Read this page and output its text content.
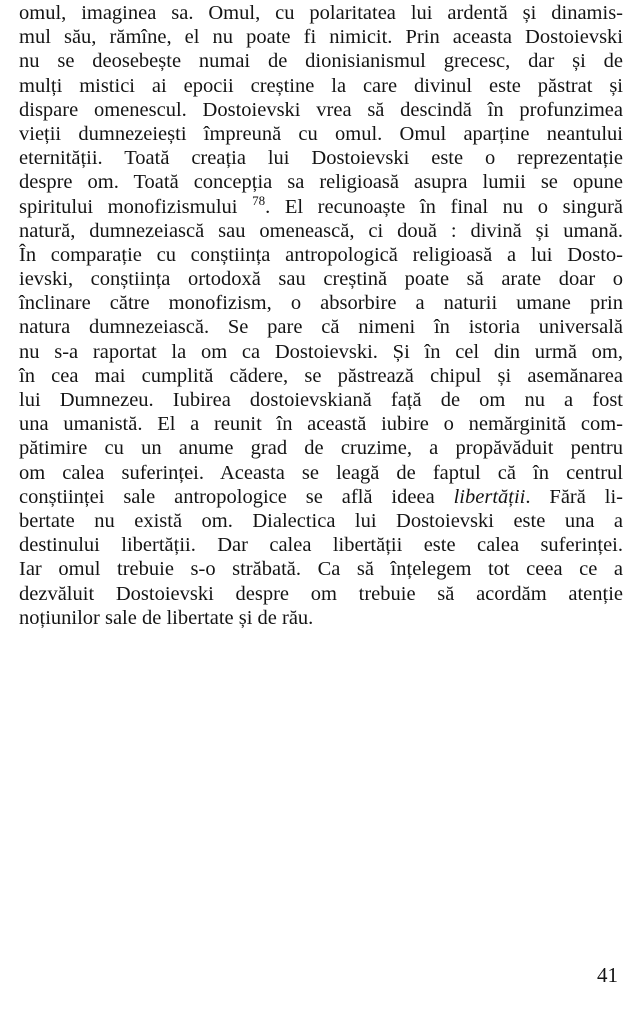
omul, imaginea sa. Omul, cu polaritatea lui ardentă și dinamis-
mul său, rămîne, el nu poate fi nimicit. Prin aceasta Dostoievski
nu se deosebește numai de dionisianismul grecesc, dar și de
mulți mistici ai epocii creștine la care divinul este păstrat și
dispare omenescul. Dostoievski vrea să descindă în profunzimea
vieții dumnezeiești împreună cu omul. Omul aparține neantului
eternității. Toată creația lui Dostoievski este o reprezentație
despre om. Toată concepția sa religioasă asupra lumii se opune
spiritului monofizismului $^{78}$. El recunoaște în final nu o singură
natură, dumnezeiască sau omenească, ci două : divină și umană.
În comparație cu conștiința antropologică religioasă a lui Dosto-
ievski, conștiința ortodoxă sau creștină poate să arate doar o
înclinare către monofizism, o absorbire a naturii umane prin
natura dumnezeiască. Se pare că nimeni în istoria universală
nu s-a raportat la om ca Dostoievski. Și în cel din urmă om,
în cea mai cumplită cădere, se păstrează chipul și asemănarea
lui Dumnezeu. Iubirea dostoievskiană față de om nu a fost
una umanistă. El a reunit în această iubire o nemărginită com-
pătimire cu un anume grad de cruzime, a propăvăduit pentru
om calea suferinței. Aceasta se leagă de faptul că în centrul
conștiinței sale antropologice se află ideea libertății. Fără li-
bertate nu există om. Dialectica lui Dostoievski este una a
destinului libertății. Dar calea libertății este calea suferinței.
Iar omul trebuie s-o străbată. Ca să înțelegem tot ceea ce a
dezvăluit Dostoievski despre om trebuie să acordăm atenție
noțiunilor sale de libertate și de rău.

41
